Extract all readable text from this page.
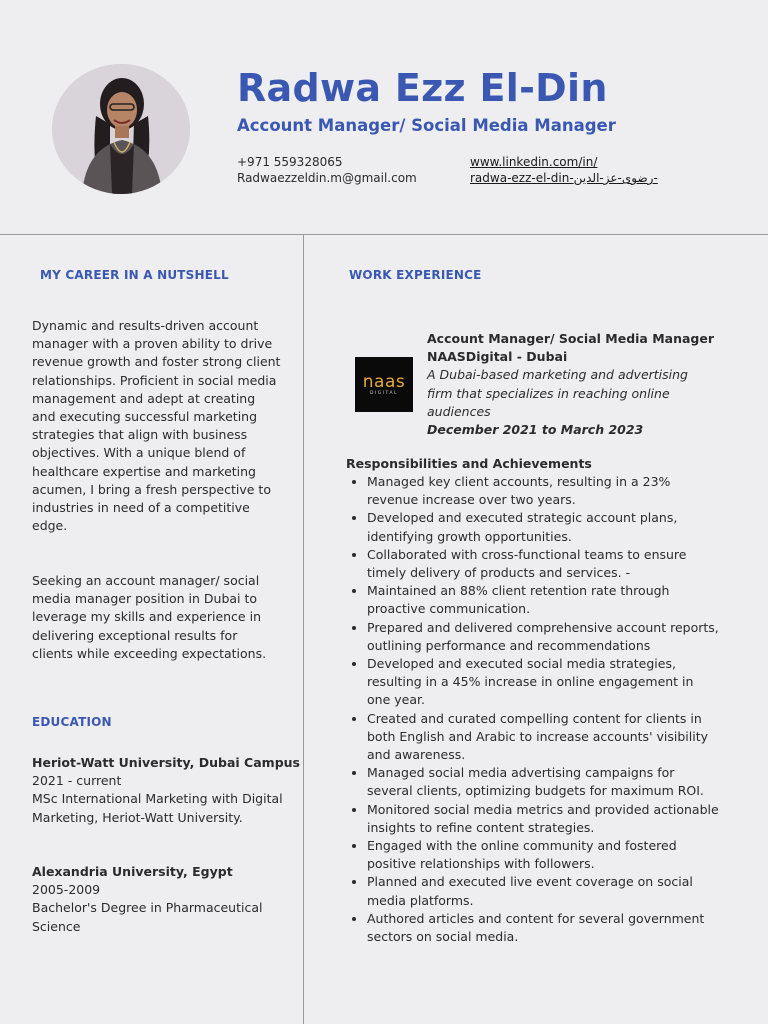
Radwa Ezz El-Din
Account Manager/ Social Media Manager
+971 559328065
Radwaezzeldin.m@gmail.com
www.linkedin.com/in/
radwa-ezz-el-din-رضوى-عز-الدين-
MY CAREER IN A NUTSHELL
Dynamic and results-driven account manager with a proven ability to drive revenue growth and foster strong client relationships. Proficient in social media management and adept at creating and executing successful marketing strategies that align with business objectives. With a unique blend of healthcare expertise and marketing acumen, I bring a fresh perspective to industries in need of a competitive edge.
Seeking an account manager/ social media manager position in Dubai to leverage my skills and experience in delivering exceptional results for clients while exceeding expectations.
EDUCATION
Heriot-Watt University, Dubai Campus
2021 - current
MSc International Marketing with Digital Marketing, Heriot-Watt University.
Alexandria University, Egypt
2005-2009
Bachelor's Degree in Pharmaceutical Science
WORK EXPERIENCE
naas
DIGITAL
Account Manager/ Social Media Manager
NAASDigital - Dubai
A Dubai-based marketing and advertising firm that specializes in reaching online audiences
December 2021 to March 2023
Responsibilities and Achievements
• Managed key client accounts, resulting in a 23% revenue increase over two years.
• Developed and executed strategic account plans, identifying growth opportunities.
• Collaborated with cross-functional teams to ensure timely delivery of products and services. -
• Maintained an 88% client retention rate through proactive communication.
• Prepared and delivered comprehensive account reports, outlining performance and recommendations
• Developed and executed social media strategies, resulting in a 45% increase in online engagement in one year.
• Created and curated compelling content for clients in both English and Arabic to increase accounts' visibility and awareness.
• Managed social media advertising campaigns for several clients, optimizing budgets for maximum ROI.
• Monitored social media metrics and provided actionable insights to refine content strategies.
• Engaged with the online community and fostered positive relationships with followers.
• Planned and executed live event coverage on social media platforms.
• Authored articles and content for several government sectors on social media.
